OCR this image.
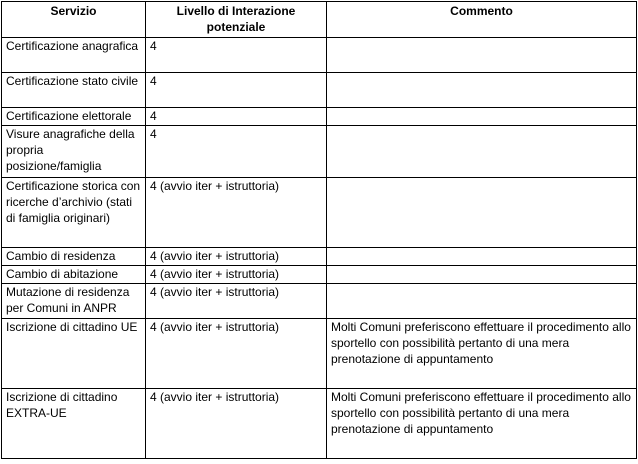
Servizio	Livello di Interazione potenziale	Commento
Certificazione anagrafica	4	
Certificazione stato civile	4	
Certificazione elettorale	4	
Visure anagrafiche della propria posizione/famiglia	4	
Certificazione storica con ricerche d’archivio (stati di famiglia originari)	4 (avvio iter + istruttoria)	
Cambio di residenza	4 (avvio iter + istruttoria)	
Cambio di abitazione	4 (avvio iter + istruttoria)	
Mutazione di residenza per Comuni in ANPR	4 (avvio iter + istruttoria)	
Iscrizione di cittadino UE	4 (avvio iter + istruttoria)	Molti Comuni preferiscono effettuare il procedimento allo sportello con possibilità pertanto di una mera prenotazione di appuntamento
Iscrizione di cittadino EXTRA-UE	4 (avvio iter + istruttoria)	Molti Comuni preferiscono effettuare il procedimento allo sportello con possibilità pertanto di una mera prenotazione di appuntamento
